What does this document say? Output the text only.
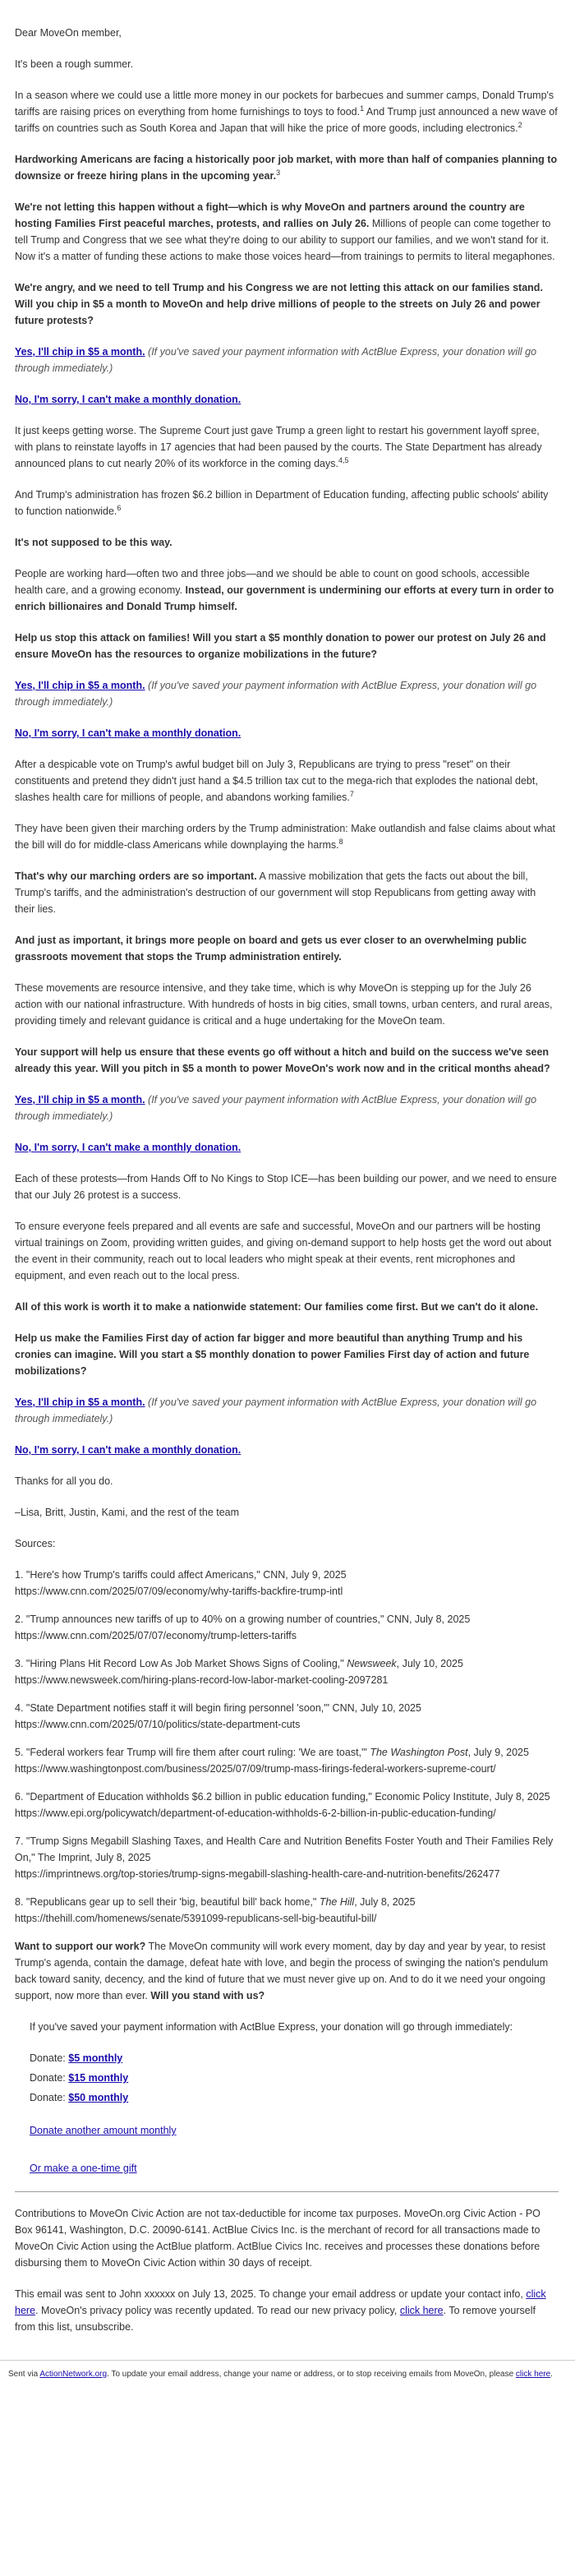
Dear MoveOn member,

It's been a rough summer.

In a season where we could use a little more money in our pockets for barbecues and summer camps, Donald Trump's tariffs are raising prices on everything from home furnishings to toys to food.$^1$ And Trump just announced a new wave of tariffs on countries such as South Korea and Japan that will hike the price of more goods, including electronics.$^2$

Hardworking Americans are facing a historically poor job market, with more than half of companies planning to downsize or freeze hiring plans in the upcoming year.$^3$

We're not letting this happen without a fight—which is why MoveOn and partners around the country are hosting Families First peaceful marches, protests, and rallies on July 26. Millions of people can come together to tell Trump and Congress that we see what they're doing to our ability to support our families, and we won't stand for it. Now it's a matter of funding these actions to make those voices heard—from trainings to permits to literal megaphones.

We're angry, and we need to tell Trump and his Congress we are not letting this attack on our families stand. Will you chip in $5 a month to MoveOn and help drive millions of people to the streets on July 26 and power future protests?

Yes, I'll chip in $5 a month. (If you've saved your payment information with ActBlue Express, your donation will go through immediately.)

No, I'm sorry, I can't make a monthly donation.

It just keeps getting worse. The Supreme Court just gave Trump a green light to restart his government layoff spree, with plans to reinstate layoffs in 17 agencies that had been paused by the courts. The State Department has already announced plans to cut nearly 20% of its workforce in the coming days.$^{4,5}$

And Trump's administration has frozen $6.2 billion in Department of Education funding, affecting public schools' ability to function nationwide.$^6$

It's not supposed to be this way.

People are working hard—often two and three jobs—and we should be able to count on good schools, accessible health care, and a growing economy. Instead, our government is undermining our efforts at every turn in order to enrich billionaires and Donald Trump himself.

Help us stop this attack on families! Will you start a $5 monthly donation to power our protest on July 26 and ensure MoveOn has the resources to organize mobilizations in the future?

Yes, I'll chip in $5 a month. (If you've saved your payment information with ActBlue Express, your donation will go through immediately.)

No, I'm sorry, I can't make a monthly donation.

After a despicable vote on Trump's awful budget bill on July 3, Republicans are trying to press "reset" on their constituents and pretend they didn't just hand a $4.5 trillion tax cut to the mega-rich that explodes the national debt, slashes health care for millions of people, and abandons working families.$^7$

They have been given their marching orders by the Trump administration: Make outlandish and false claims about what the bill will do for middle-class Americans while downplaying the harms.$^8$

That's why our marching orders are so important. A massive mobilization that gets the facts out about the bill, Trump's tariffs, and the administration's destruction of our government will stop Republicans from getting away with their lies.

And just as important, it brings more people on board and gets us ever closer to an overwhelming public grassroots movement that stops the Trump administration entirely.

These movements are resource intensive, and they take time, which is why MoveOn is stepping up for the July 26 action with our national infrastructure. With hundreds of hosts in big cities, small towns, urban centers, and rural areas, providing timely and relevant guidance is critical and a huge undertaking for the MoveOn team.

Your support will help us ensure that these events go off without a hitch and build on the success we've seen already this year. Will you pitch in $5 a month to power MoveOn's work now and in the critical months ahead?

Yes, I'll chip in $5 a month. (If you've saved your payment information with ActBlue Express, your donation will go through immediately.)

No, I'm sorry, I can't make a monthly donation.

Each of these protests—from Hands Off to No Kings to Stop ICE—has been building our power, and we need to ensure that our July 26 protest is a success.

To ensure everyone feels prepared and all events are safe and successful, MoveOn and our partners will be hosting virtual trainings on Zoom, providing written guides, and giving on-demand support to help hosts get the word out about the event in their community, reach out to local leaders who might speak at their events, rent microphones and equipment, and even reach out to the local press.

All of this work is worth it to make a nationwide statement: Our families come first. But we can't do it alone.

Help us make the Families First day of action far bigger and more beautiful than anything Trump and his cronies can imagine. Will you start a $5 monthly donation to power Families First day of action and future mobilizations?

Yes, I'll chip in $5 a month. (If you've saved your payment information with ActBlue Express, your donation will go through immediately.)

No, I'm sorry, I can't make a monthly donation.

Thanks for all you do.

–Lisa, Britt, Justin, Kami, and the rest of the team

Sources:

1. "Here's how Trump's tariffs could affect Americans," CNN, July 9, 2025
https://www.cnn.com/2025/07/09/economy/why-tariffs-backfire-trump-intl
2. "Trump announces new tariffs of up to 40% on a growing number of countries," CNN, July 8, 2025
https://www.cnn.com/2025/07/07/economy/trump-letters-tariffs
3. "Hiring Plans Hit Record Low As Job Market Shows Signs of Cooling," Newsweek, July 10, 2025
https://www.newsweek.com/hiring-plans-record-low-labor-market-cooling-2097281
4. "State Department notifies staff it will begin firing personnel 'soon,'" CNN, July 10, 2025
https://www.cnn.com/2025/07/10/politics/state-department-cuts
5. "Federal workers fear Trump will fire them after court ruling: 'We are toast,'" The Washington Post, July 9, 2025
https://www.washingtonpost.com/business/2025/07/09/trump-mass-firings-federal-workers-supreme-court/
6. "Department of Education withholds $6.2 billion in public education funding," Economic Policy Institute, July 8, 2025
https://www.epi.org/policywatch/department-of-education-withholds-6-2-billion-in-public-education-funding/
7. "Trump Signs Megabill Slashing Taxes, and Health Care and Nutrition Benefits Foster Youth and Their Families Rely On," The Imprint, July 8, 2025
https://imprintnews.org/top-stories/trump-signs-megabill-slashing-health-care-and-nutrition-benefits/262477
8. "Republicans gear up to sell their 'big, beautiful bill' back home," The Hill, July 8, 2025
https://thehill.com/homenews/senate/5391099-republicans-sell-big-beautiful-bill/

Want to support our work? The MoveOn community will work every moment, day by day and year by year, to resist Trump's agenda, contain the damage, defeat hate with love, and begin the process of swinging the nation's pendulum back toward sanity, decency, and the kind of future that we must never give up on. And to do it we need your ongoing support, now more than ever. Will you stand with us?

If you've saved your payment information with ActBlue Express, your donation will go through immediately:

Donate: $5 monthly
Donate: $15 monthly
Donate: $50 monthly

Donate another amount monthly

Or make a one-time gift

Contributions to MoveOn Civic Action are not tax-deductible for income tax purposes. MoveOn.org Civic Action - PO Box 96141, Washington, D.C. 20090-6141. ActBlue Civics Inc. is the merchant of record for all transactions made to MoveOn Civic Action using the ActBlue platform. ActBlue Civics Inc. receives and processes these donations before disbursing them to MoveOn Civic Action within 30 days of receipt.

This email was sent to John xxxxxx on July 13, 2025. To change your email address or update your contact info, click here. MoveOn's privacy policy was recently updated. To read our new privacy policy, click here. To remove yourself from this list, unsubscribe.

Sent via ActionNetwork.org. To update your email address, change your name or address, or to stop receiving emails from MoveOn, please click here.
